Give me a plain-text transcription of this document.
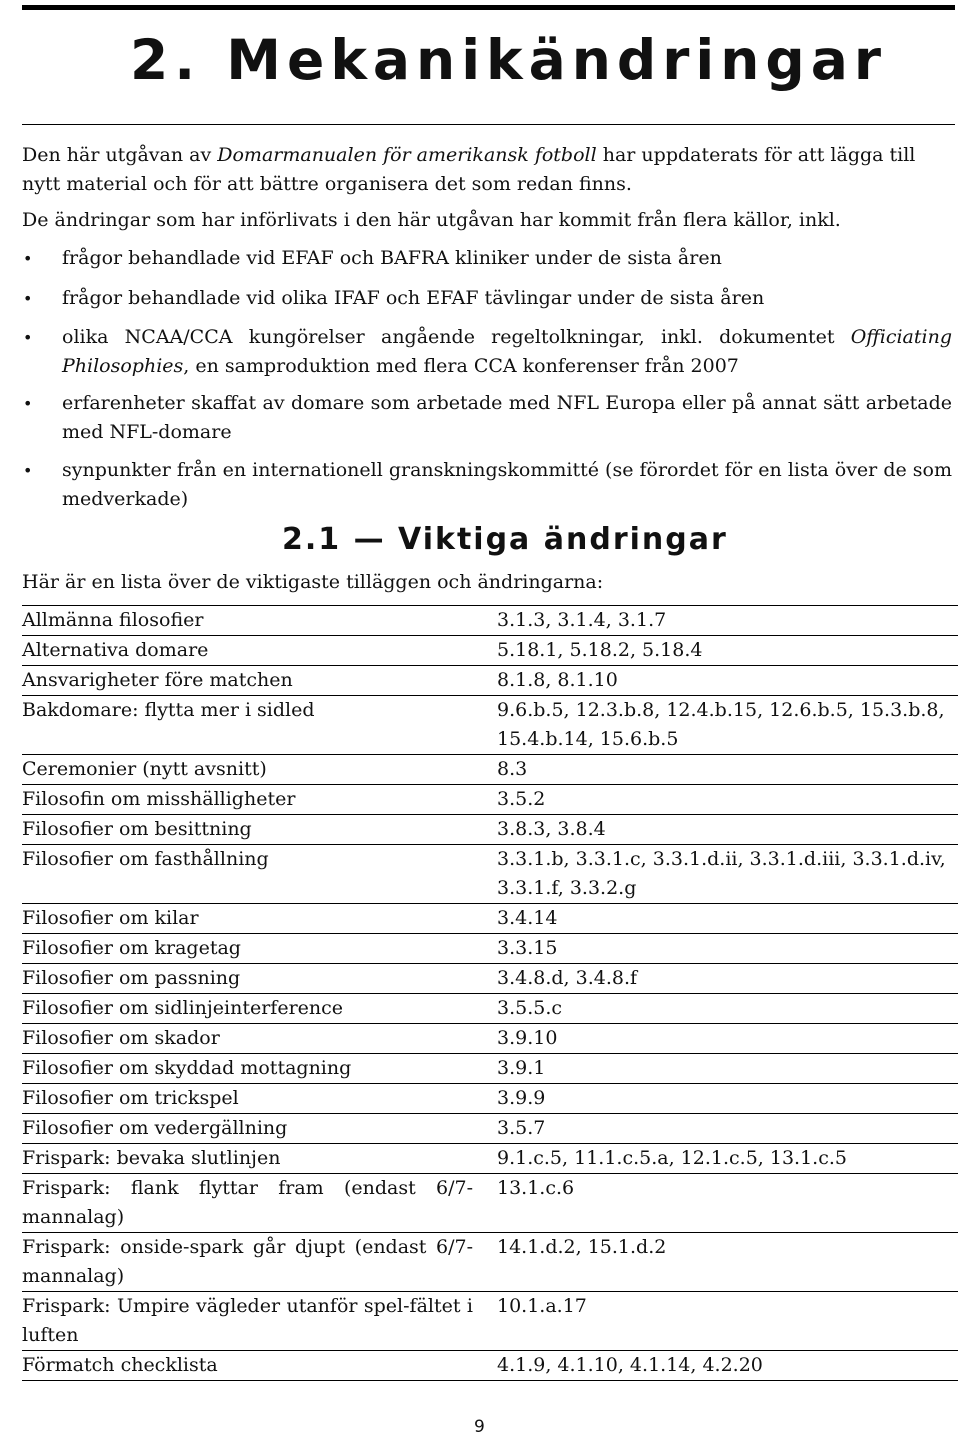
2. Mekanikändringar

Den här utgåvan av Domarmanualen för amerikansk fotboll har uppdaterats för att lägga till nytt material och för att bättre organisera det som redan finns.

De ändringar som har införlivats i den här utgåvan har kommit från flera källor, inkl.

• frågor behandlade vid EFAF och BAFRA kliniker under de sista åren
• frågor behandlade vid olika IFAF och EFAF tävlingar under de sista åren
• olika NCAA/CCA kungörelser angående regeltolkningar, inkl. dokumentet Officiating Philosophies, en samproduktion med flera CCA konferenser från 2007
• erfarenheter skaffat av domare som arbetade med NFL Europa eller på annat sätt arbetade med NFL-domare
• synpunkter från en internationell granskningskommitté (se förordet för en lista över de som medverkade)
2.1 — Viktiga ändringar

Här är en lista över de viktigaste tilläggen och ändringarna:

Allmänna filosofier	3.1.3, 3.1.4, 3.1.7
Alternativa domare	5.18.1, 5.18.2, 5.18.4
Ansvarigheter före matchen	8.1.8, 8.1.10
Bakdomare: flytta mer i sidled	9.6.b.5, 12.3.b.8, 12.4.b.15, 12.6.b.5, 15.3.b.8, 15.4.b.14, 15.6.b.5
Ceremonier (nytt avsnitt)	8.3
Filosofin om misshälligheter	3.5.2
Filosofier om besittning	3.8.3, 3.8.4
Filosofier om fasthållning	3.3.1.b, 3.3.1.c, 3.3.1.d.ii, 3.3.1.d.iii, 3.3.1.d.iv, 3.3.1.f, 3.3.2.g
Filosofier om kilar	3.4.14
Filosofier om kragetag	3.3.15
Filosofier om passning	3.4.8.d, 3.4.8.f
Filosofier om sidlinjeinterference	3.5.5.c
Filosofier om skador	3.9.10
Filosofier om skyddad mottagning	3.9.1
Filosofier om trickspel	3.9.9
Filosofier om vedergällning	3.5.7
Frispark: bevaka slutlinjen	9.1.c.5, 11.1.c.5.a, 12.1.c.5, 13.1.c.5
Frispark: flank flyttar fram (endast 6/7-mannalag)	13.1.c.6
Frispark: onside-spark går djupt (endast 6/7-mannalag)	14.1.d.2, 15.1.d.2
Frispark: Umpire vägleder utanför spel-fältet i luften	10.1.a.17
Förmatch checklista	4.1.9, 4.1.10, 4.1.14, 4.2.20
9
